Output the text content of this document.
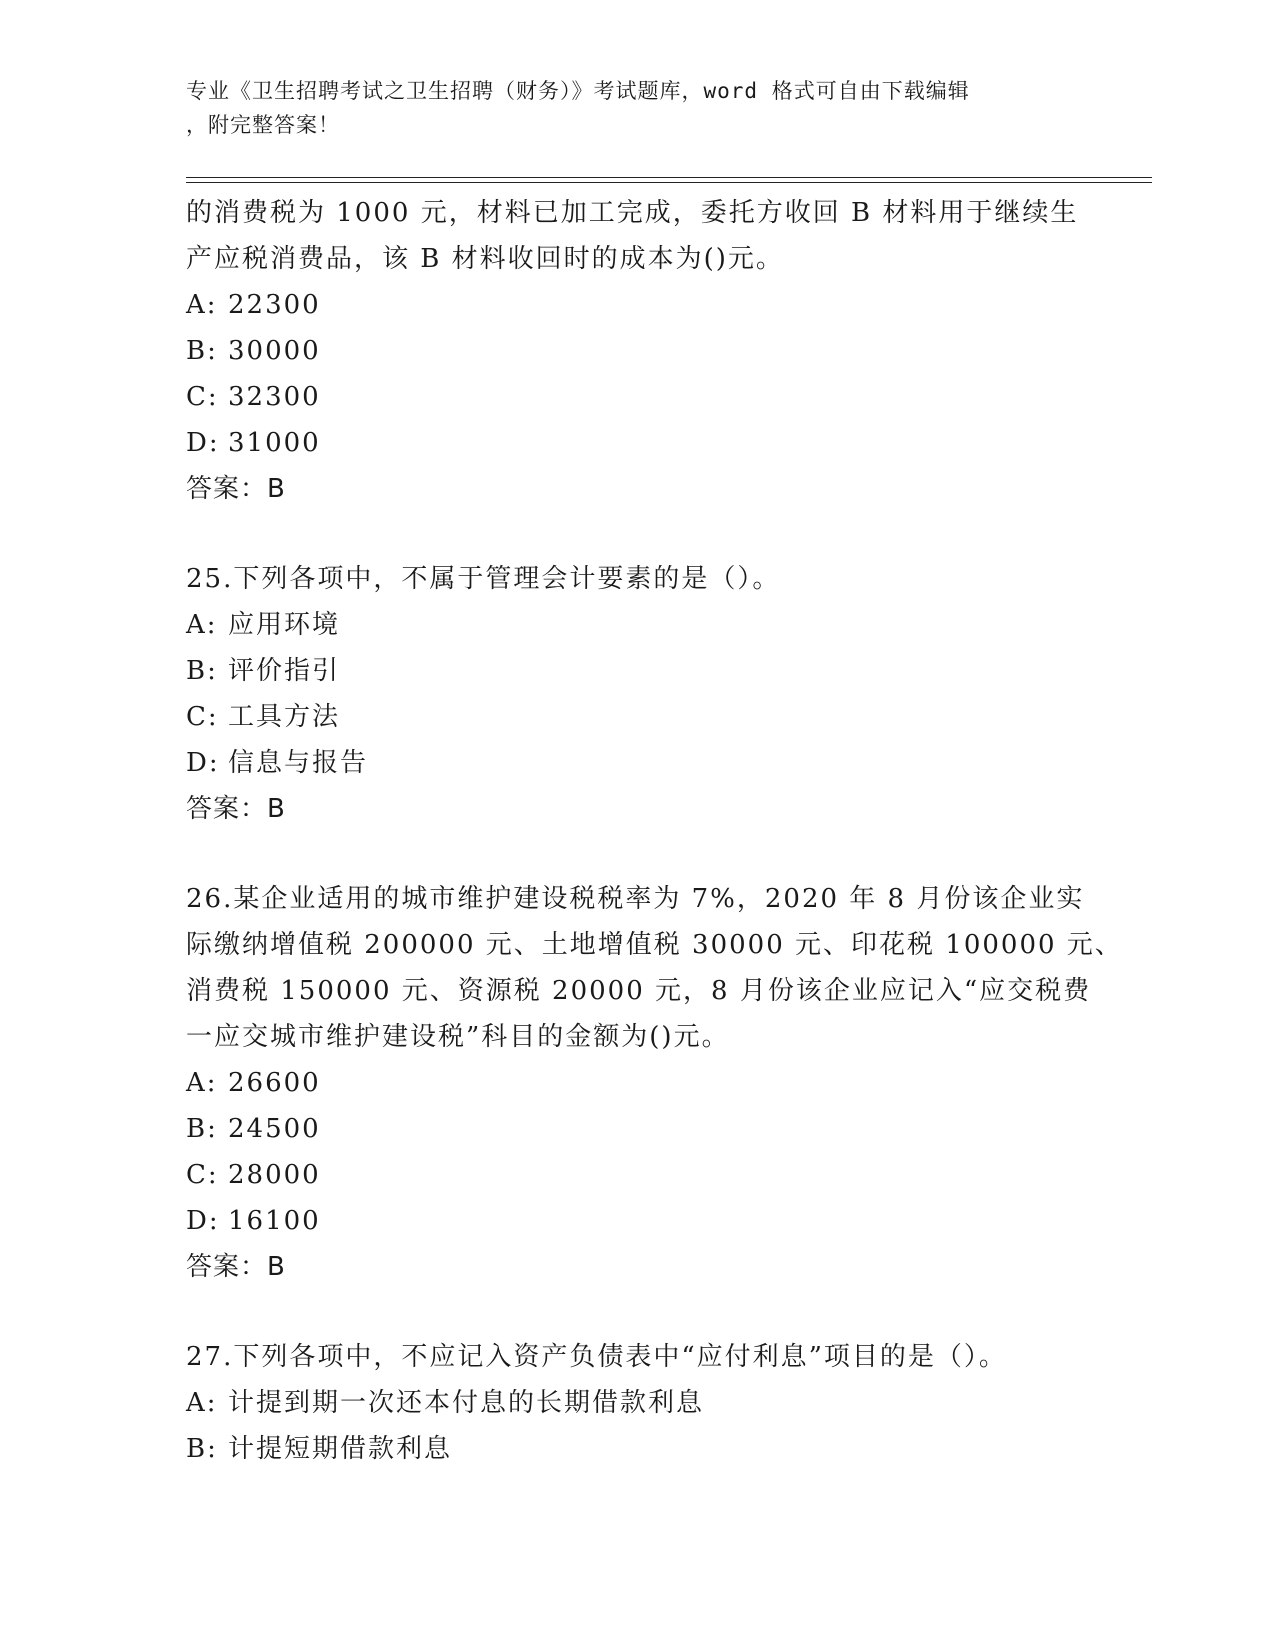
专业《卫生招聘考试之卫生招聘（财务）》考试题库，word 格式可自由下载编辑
，附完整答案！
的消费税为 1000 元，材料已加工完成，委托方收回 B 材料用于继续生
产应税消费品，该 B 材料收回时的成本为()元。
A: 22300
B: 30000
C: 32300
D: 31000
答案：B
25.下列各项中，不属于管理会计要素的是（）。
A: 应用环境
B: 评价指引
C: 工具方法
D: 信息与报告
答案：B
26.某企业适用的城市维护建设税税率为 7%，2020 年 8 月份该企业实
际缴纳增值税 200000 元、土地增值税 30000 元、印花税 100000 元、
消费税 150000 元、资源税 20000 元，8 月份该企业应记入“应交税费
一应交城市维护建设税”科目的金额为()元。
A: 26600
B: 24500
C: 28000
D: 16100
答案：B
27.下列各项中，不应记入资产负债表中“应付利息”项目的是（）。
A: 计提到期一次还本付息的长期借款利息
B: 计提短期借款利息
